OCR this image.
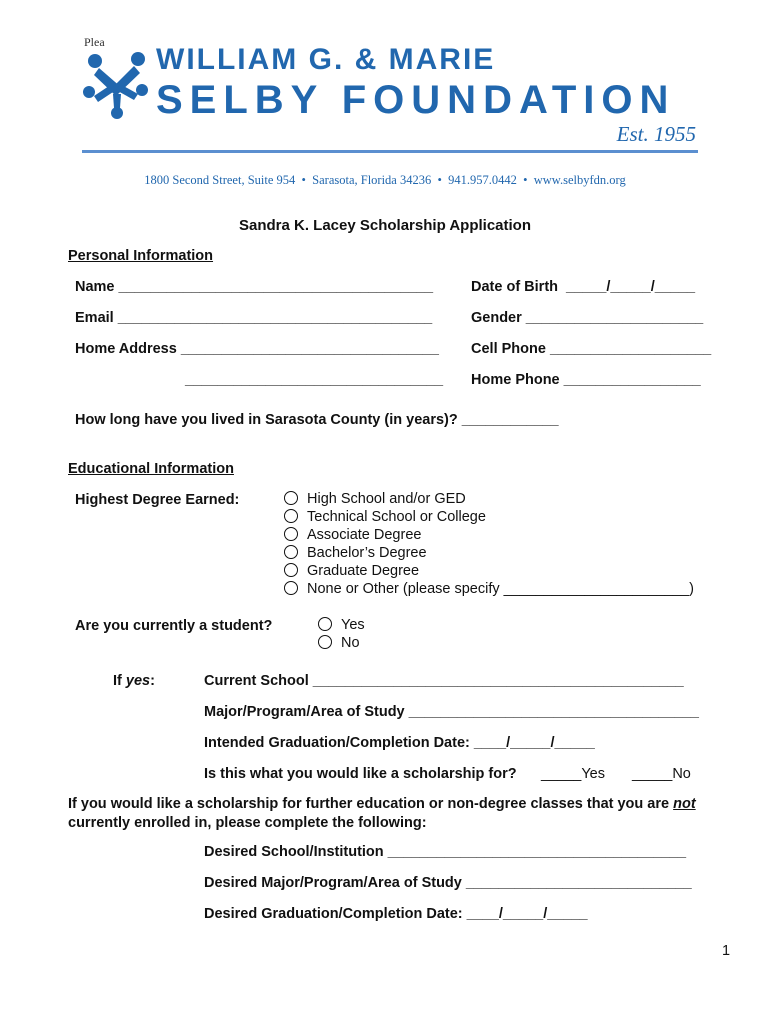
Plea
WILLIAM G. & MARIE
SELBY FOUNDATION
Est. 1955
1800 Second Street, Suite 954  •  Sarasota, Florida 34236  •  941.957.0442  •  www.selbyfdn.org
Sandra K. Lacey Scholarship Application
Personal Information
Name _______________________________________	Date of Birth  _____/_____/_____
Email _______________________________________	Gender ______________________
Home Address ________________________________ Cell Phone ____________________
________________________________ Home Phone _________________
How long have you lived in Sarasota County (in years)? ____________
Educational Information
Highest Degree Earned:	High School and/or GED
Technical School or College
Associate Degree
Bachelor’s Degree
Graduate Degree
None or Other (please specify _______________________)
Are you currently a student?	Yes
No
If yes:	Current School ______________________________________________
Major/Program/Area of Study ____________________________________
Intended Graduation/Completion Date: ____/_____/_____
Is this what you would like a scholarship for? _____Yes _____No
If you would like a scholarship for further education or non-degree classes that you are not
currently enrolled in, please complete the following:
Desired School/Institution _____________________________________
Desired Major/Program/Area of Study ____________________________
Desired Graduation/Completion Date: ____/_____/_____
1
